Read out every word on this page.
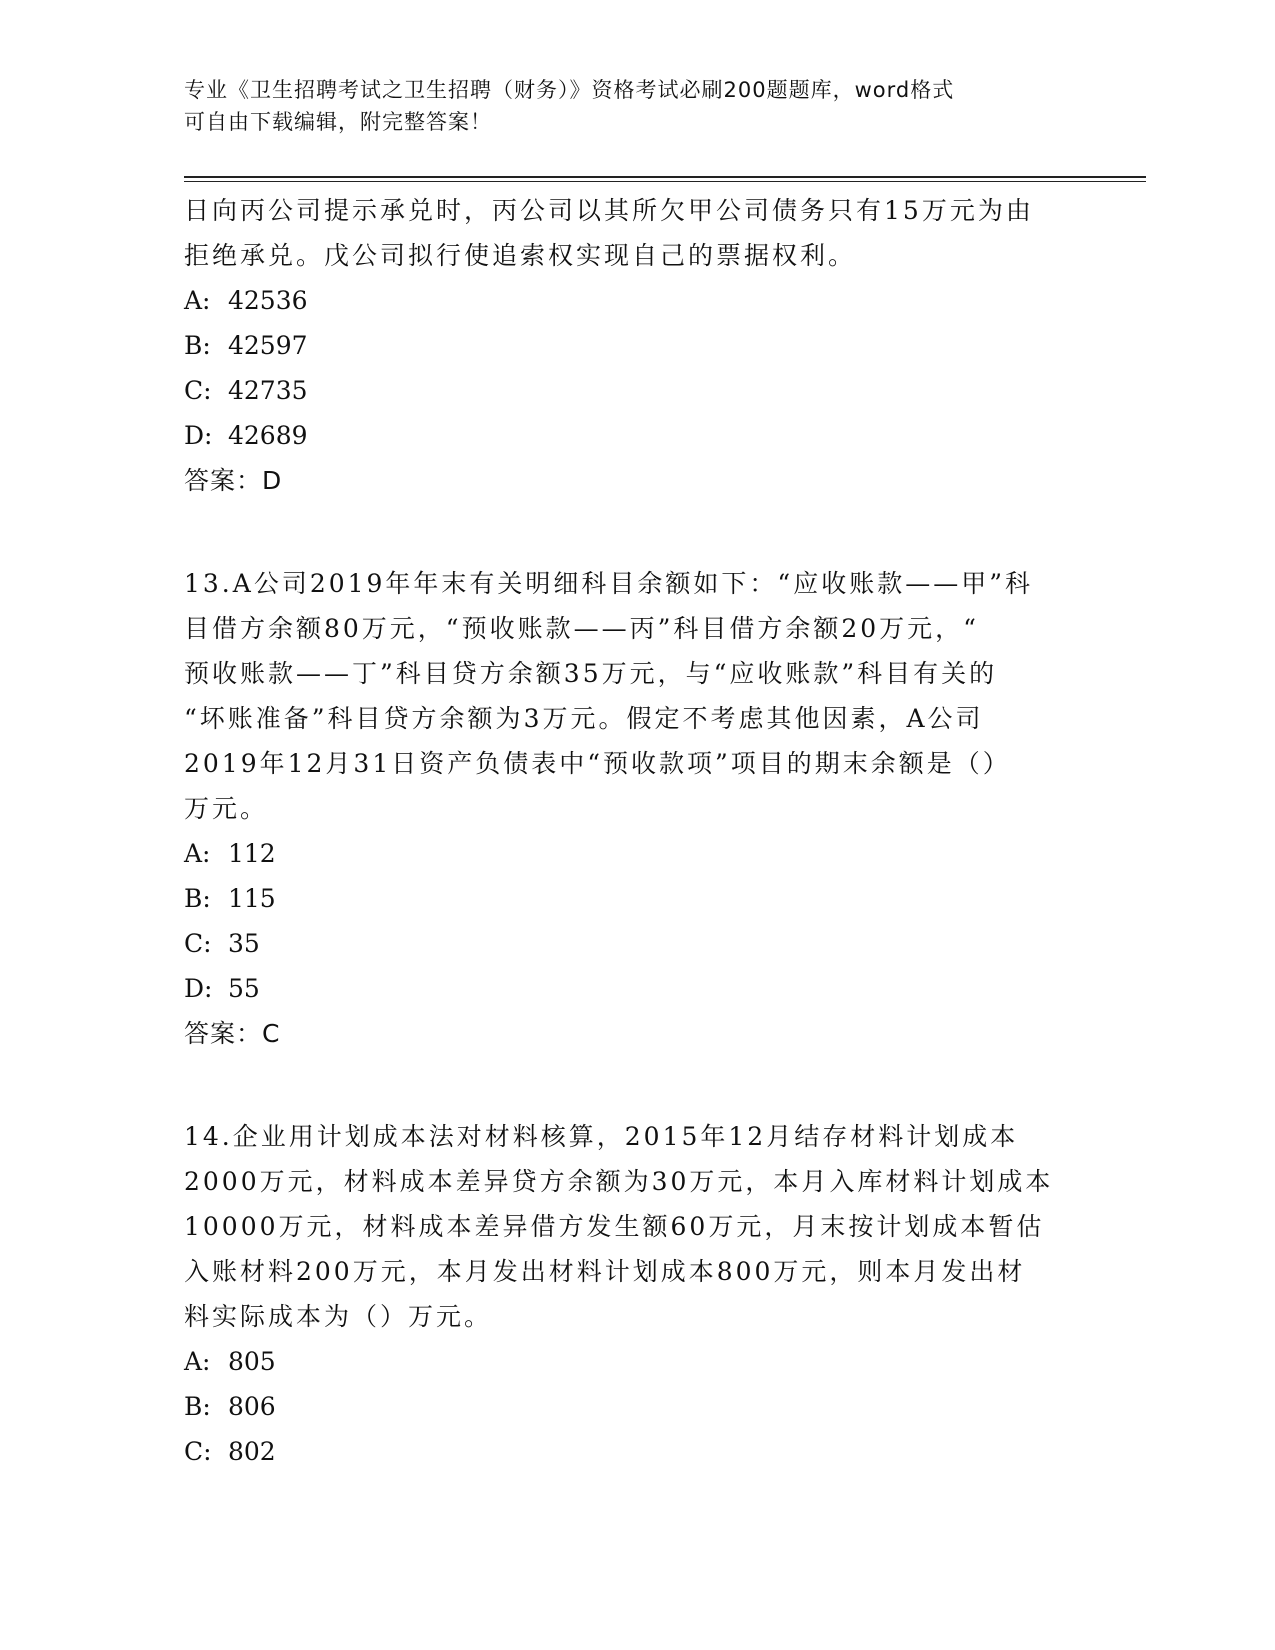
专业《卫生招聘考试之卫生招聘（财务）》资格考试必刷200题题库，word格式
可自由下载编辑，附完整答案！

日向丙公司提示承兑时，丙公司以其所欠甲公司债务只有15万元为由

拒绝承兑。戊公司拟行使追索权实现自己的票据权利。

A: 42536

B: 42597

C: 42735

D: 42689

答案：D

13.A公司2019年年末有关明细科目余额如下：“应收账款——甲”科

目借方余额80万元，“预收账款——丙”科目借方余额20万元，“

预收账款——丁”科目贷方余额35万元，与“应收账款”科目有关的

“坏账准备”科目贷方余额为3万元。假定不考虑其他因素，A公司

2019年12月31日资产负债表中“预收款项”项目的期末余额是（）

万元。

A: 112

B: 115

C: 35

D: 55

答案：C

14.企业用计划成本法对材料核算，2015年12月结存材料计划成本

2000万元，材料成本差异贷方余额为30万元，本月入库材料计划成本

10000万元，材料成本差异借方发生额60万元，月末按计划成本暂估

入账材料200万元，本月发出材料计划成本800万元，则本月发出材

料实际成本为（）万元。

A: 805

B: 806

C: 802
